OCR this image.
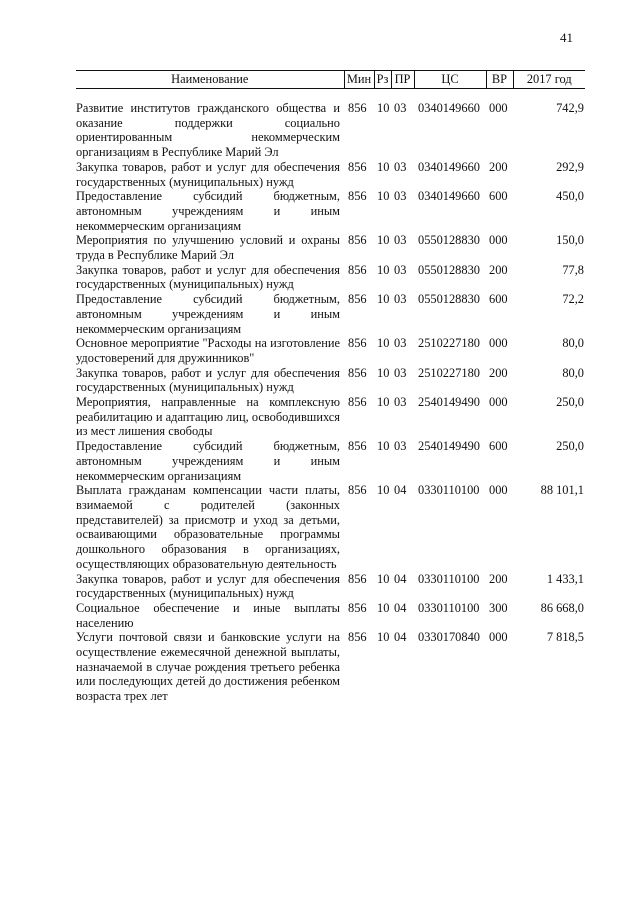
41
Наименование	Мин	Рз	ПР	ЦС	ВР	2017 год
Развитие институтов гражданского общества и оказание поддержки социально ориентированным некоммерческим организациям в Республике Марий Эл	856	10	03	0340149660	000	742,9
Закупка товаров, работ и услуг для обеспечения государственных (муниципальных) нужд	856	10	03	0340149660	200	292,9
Предоставление субсидий бюджетным, автономным учреждениям и иным некоммерческим организациям	856	10	03	0340149660	600	450,0
Мероприятия по улучшению условий и охраны труда в Республике Марий Эл	856	10	03	0550128830	000	150,0
Закупка товаров, работ и услуг для обеспечения государственных (муниципальных) нужд	856	10	03	0550128830	200	77,8
Предоставление субсидий бюджетным, автономным учреждениям и иным некоммерческим организациям	856	10	03	0550128830	600	72,2
Основное мероприятие "Расходы на изготовление удостоверений для дружинников"	856	10	03	2510227180	000	80,0
Закупка товаров, работ и услуг для обеспечения государственных (муниципальных) нужд	856	10	03	2510227180	200	80,0
Мероприятия, направленные на комплексную реабилитацию и адаптацию лиц, освободившихся из мест лишения свободы	856	10	03	2540149490	000	250,0
Предоставление субсидий бюджетным, автономным учреждениям и иным некоммерческим организациям	856	10	03	2540149490	600	250,0
Выплата гражданам компенсации части платы, взимаемой с родителей (законных представителей) за присмотр и уход за детьми, осваивающими образовательные программы дошкольного образования в организациях, осуществляющих образовательную деятельность	856	10	04	0330110100	000	88 101,1
Закупка товаров, работ и услуг для обеспечения государственных (муниципальных) нужд	856	10	04	0330110100	200	1 433,1
Социальное обеспечение и иные выплаты населению	856	10	04	0330110100	300	86 668,0
Услуги почтовой связи и банковские услуги на осуществление ежемесячной денежной выплаты, назначаемой в случае рождения третьего ребенка или последующих детей до достижения ребенком возраста трех лет	856	10	04	0330170840	000	7 818,5
